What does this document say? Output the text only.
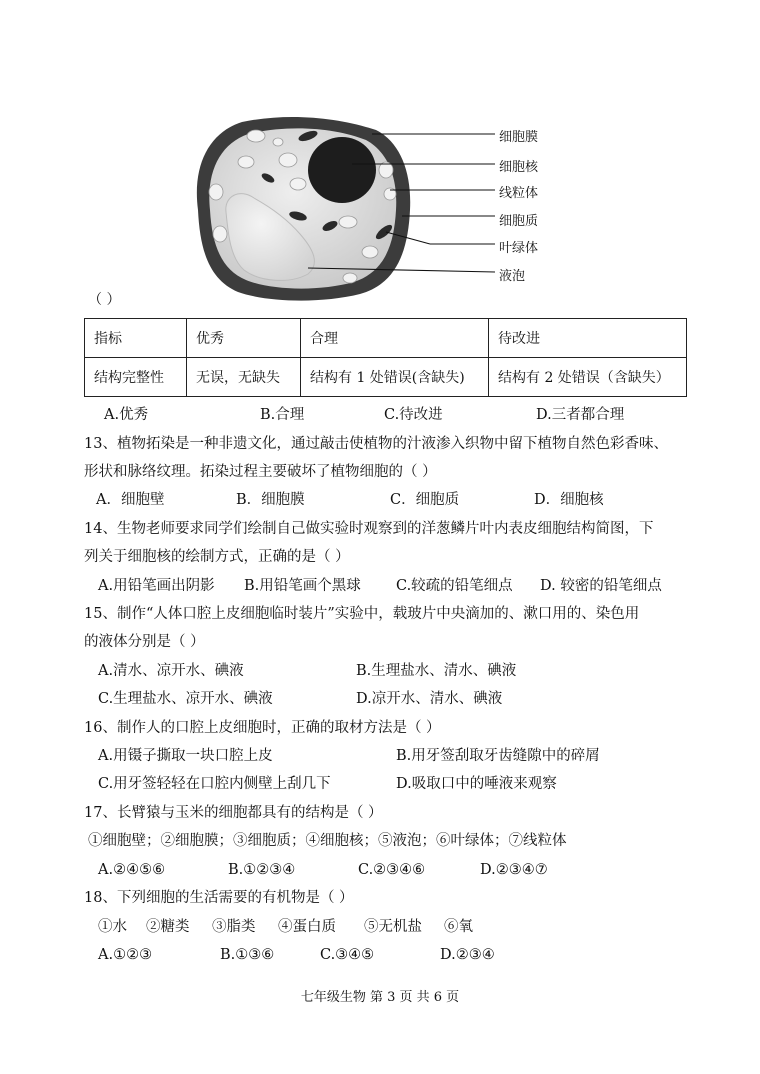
细胞膜
细胞核
线粒体
细胞质
叶绿体
液泡
（ ）
指标	优秀	合理	待改进
结构完整性	无误，无缺失	结构有 1 处错误(含缺失)	结构有 2 处错误（含缺失）
A.优秀	B.合理	C.待改进	D.三者都合理
13、植物拓染是一种非遗文化，通过敲击使植物的汁液渗入织物中留下植物自然色彩香味、
形状和脉络纹理。拓染过程主要破坏了植物细胞的（ ）
A．细胞壁	B．细胞膜	C．细胞质	D．细胞核
14、生物老师要求同学们绘制自己做实验时观察到的洋葱鳞片叶内表皮细胞结构简图，下
列关于细胞核的绘制方式，正确的是（ ）
A.用铅笔画出阴影 B.用铅笔画个黑球 C.较疏的铅笔细点 D. 较密的铅笔细点
15、制作“人体口腔上皮细胞临时装片”实验中，载玻片中央滴加的、漱口用的、染色用
的液体分别是（ ）
A.清水、凉开水、碘液	B.生理盐水、清水、碘液
C.生理盐水、凉开水、碘液	D.凉开水、清水、碘液
16、制作人的口腔上皮细胞时，正确的取材方法是（ ）
A.用镊子撕取一块口腔上皮	B.用牙签刮取牙齿缝隙中的碎屑
C.用牙签轻轻在口腔内侧壁上刮几下	D.吸取口中的唾液来观察
17、长臂猿与玉米的细胞都具有的结构是（ ）
①细胞壁；②细胞膜；③细胞质；④细胞核；⑤液泡；⑥叶绿体；⑦线粒体
A.②④⑤⑥	B.①②③④	C.②③④⑥	D.②③④⑦
18、下列细胞的生活需要的有机物是（ ）
①水 ②糖类 ③脂类 ④蛋白质 ⑤无机盐 ⑥氧
A.①②③	B.①③⑥	C.③④⑤	D.②③④
七年级生物 第 3 页 共 6 页
